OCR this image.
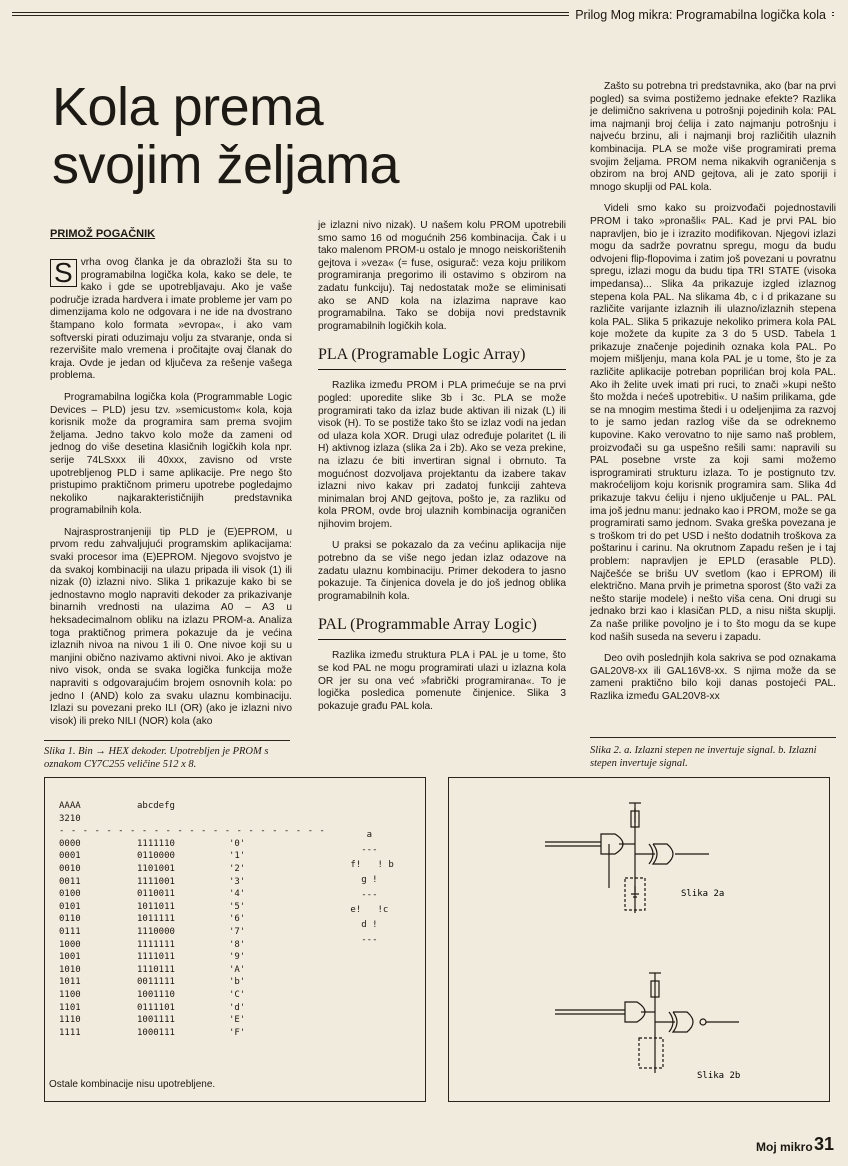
Prilog Mog mikra: Programabilna logička kola
Kola prema
svojim željama
PRIMOŽ POGAČNIK

S vrha ovog članka je da obrazloži šta su to programabilna logička kola, kako se dele, te kako i gde se upotrebljavaju. Ako je vaše područje izrada hardvera i imate probleme jer vam po dimenzijama kolo ne odgovara i ne ide na dvostrano štampano kolo formata »evropa«, i ako vam softverski pirati oduzimaju volju za stvaranje, onda si rezervišite malo vremena i pročitajte ovaj članak do kraja. Ovde je jedan od ključeva za rešenje vašega problema.

Programabilna logička kola (Programmable Logic Devices – PLD) jesu tzv. »semicustom« kola, koja korisnik može da programira sam prema svojim željama. Jedno takvo kolo može da zameni od jednog do više desetina klasičnih logičkih kola npr. serije 74LSxxx ili 40xxx, zavisno od vrste upotrebljenog PLD i same aplikacije. Pre nego što pristupimo praktičnom primeru upotrebe pogledajmo nekoliko najkarakterističnijih predstavnika programabilnih kola.

Najrasprostranjeniji tip PLD je (E)EPROM, u prvom redu zahvaljujući programskim aplikacijama: svaki procesor ima (E)EPROM. Njegovo svojstvo je da svakoj kombinaciji na ulazu pripada ili visok (1) ili nizak (0) izlazni nivo. Slika 1 prikazuje kako bi se jednostavno moglo napraviti dekoder za prikazivanje binarnih vrednosti na ulazima A0 – A3 u heksadecimalnom obliku na izlazu PROM-a. Analiza toga praktičnog primera pokazuje da je većina izlaznih nivoa na nivou 1 ili 0. One nivoe koji su u manjini obično nazivamo aktivni nivoi. Ako je aktivan nivo visok, onda se svaka logička funkcija može napraviti s odgovarajućim brojem osnovnih kola: po jedno I (AND) kolo za svaku ulaznu kombinaciju. Izlazi su povezani preko ILI (OR) (ako je izlazni nivo visok) ili preko NILI (NOR) kola (ako

je izlazni nivo nizak). U našem kolu PROM upotrebili smo samo 16 od mogućnih 256 kombinacija. Čak i u tako malenom PROM-u ostalo je mnogo neiskorištenih gejtova i »veza« (= fuse, osigurač: veza koju prilikom programiranja pregorimo ili ostavimo s obzirom na zadatu funkciju). Taj nedostatak može se eliminisati ako se AND kola na izlazima naprave kao programabilna. Tako se dobija novi predstavnik programabilnih logičkih kola.

PLA (Programable Logic Array)

Razlika između PROM i PLA primećuje se na prvi pogled: uporedite slike 3b i 3c. PLA se može programirati tako da izlaz bude aktivan ili nizak (L) ili visok (H). To se postiže tako što se izlaz vodi na jedan od ulaza kola XOR. Drugi ulaz određuje polaritet (L ili H) aktivnog izlaza (slika 2a i 2b). Ako se veza prekine, na izlazu će biti invertiran signal i obrnuto. Ta mogućnost dozvoljava projektantu da izabere takav izlazni nivo kakav pri zadatoj funkciji zahteva minimalan broj AND gejtova, pošto je, za razliku od kola PROM, ovde broj ulaznih kombinacija ograničen njihovim brojem.

U praksi se pokazalo da za većinu aplikacija nije potrebno da se više nego jedan izlaz odazove na zadatu ulaznu kombinaciju. Primer dekodera to jasno pokazuje. Ta činjenica dovela je do još jednog oblika programabilnih kola.

PAL (Programmable Array Logic)

Razlika između struktura PLA i PAL je u tome, što se kod PAL ne mogu programirati ulazi u izlazna kola OR jer su ona već »fabrički programirana«. To je logička posledica pomenute činjenice. Slika 3 pokazuje građu PAL kola.

Zašto su potrebna tri predstavnika, ako (bar na prvi pogled) sa svima postižemo jednake efekte? Razlika je delimično sakrivena u potrošnji pojedinih kola: PAL ima najmanji broj ćelija i zato najmanju potrošnju i najveću brzinu, ali i najmanji broj različitih ulaznih kombinacija. PLA se može više programirati prema svojim željama. PROM nema nikakvih ograničenja s obzirom na broj AND gejtova, ali je zato sporiji i mnogo skuplji od PAL kola.

Videli smo kako su proizvođači pojednostavili PROM i tako »pronašli« PAL. Kad je prvi PAL bio napravljen, bio je i izrazito modifikovan. Njegovi izlazi mogu da sadrže povratnu spregu, mogu da budu odvojeni flip-flopovima i zatim još povezani u povratnu spregu, izlazi mogu da budu tipa TRI STATE (visoka impedansa)... Slika 4a prikazuje izgled izlaznog stepena kola PAL. Na slikama 4b, c i d prikazane su različite varijante izlaznih ili ulazno/izlaznih stepena kola PAL. Slika 5 prikazuje nekoliko primera kola PAL koje možete da kupite za 3 do 5 USD. Tabela 1 prikazuje značenje pojedinih oznaka kola PAL. Po mojem mišljenju, mana kola PAL je u tome, što je za različite aplikacije potreban poprilićan broj kola PAL. Ako ih želite uvek imati pri ruci, to znači »kupi nešto što možda i nećeš upotrebiti«. U našim prilikama, gde se na mnogim mestima štedi i u odeljenjima za razvoj to je samo jedan razlog više da se odreknemo kupovine. Kako verovatno to nije samo naš problem, proizvođači su ga uspešno rešili samı: napravili su PAL posebne vrste za koji sami možemo isprogramirati strukturu izlaza. To je postignuto tzv. makroćelijom koju korisnik programira sam. Slika 4d prikazuje takvu ćeliju i njeno uključenje u PAL. PAL ima još jednu manu: jednako kao i PROM, može se ga programirati samo jednom. Svaka greška povezana je s troškom tri do pet USD i nešto dodatnih troškova za poštarinu i carinu. Na okrutnom Zapadu rešen je i taj problem: napravljen je EPLD (erasable PLD). Najčešće se brišu UV svetlom (kao i EPROM) ili električno. Mana prvih je primetna sporost (što važi za nešto starije modele) i nešto viša cena. Oni drugi su jednako brzi kao i klasičan PLD, a nisu ništa skuplji. Za naše prilike povoljno je i to što mogu da se kupe kod naših suseda na severu i zapadu.

Deo ovih poslednjih kola sakriva se pod oznakama GAL20V8-xx ili GAL16V8-xx. S njima može da se zameni praktično bilo koji danas postojeći PAL. Razlika između GAL20V8-xx

Slika 1. Bin → HEX dekoder. Upotrebljen je PROM s oznakom CY7C255 veličine 512 x 8.
Slika 2. a. Izlazni stepen ne invertuje signal. b. Izlazni stepen invertuje signal.
AAAA	abcdefg
3210
- - - - - - - - - - - - - - - - - - - - - - -
0000	1111110	'0'
0001	0110000	'1'
0010	1101001	'2'
0011	1111001	'3'
0100	0110011	'4'
0101	1011011	'5'
0110	1011111	'6'
0111	1110000	'7'
1000	1111111	'8'
1001	1111011	'9'
1010	1110111	'A'
1011	0011111	'b'
1100	1001110	'C'
1101	0111101	'd'
1110	1001111	'E'
1111	1000111	'F'
a
---
f!   ! b
g !
---
e!   !c
d !
---
Ostale kombinacije nisu upotrebljene.
Slika 2a
Slika 2b
Moj mikro 31
